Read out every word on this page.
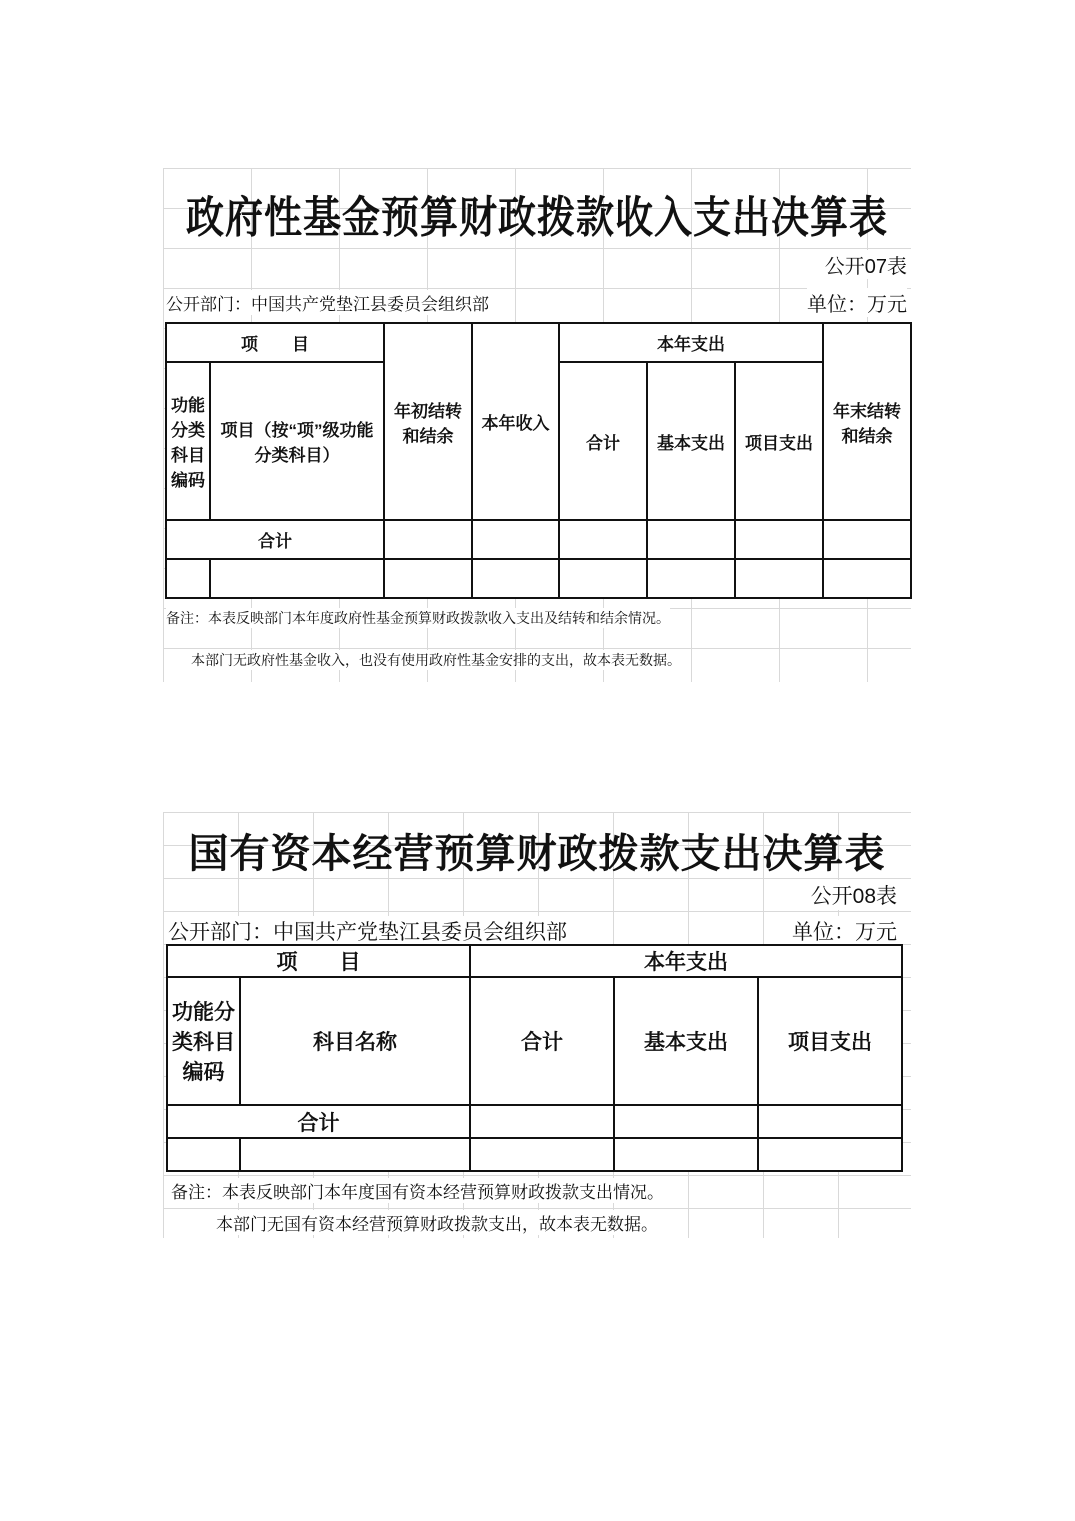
政府性基金预算财政拨款收入支出决算表
公开07表
公开部门：中国共产党垫江县委员会组织部	单位：万元
项　　目		年初结转和结余	本年收入	本年支出			年末结转和结余
功能分类科目编码	项目（按“项”级功能分类科目）			合计	基本支出	项目支出	
合计							

备注：本表反映部门本年度政府性基金预算财政拨款收入支出及结转和结余情况。
本部门无政府性基金收入，也没有使用政府性基金安排的支出，故本表无数据。
国有资本经营预算财政拨款支出决算表
公开08表
公开部门：中国共产党垫江县委员会组织部	单位：万元
项　　目		本年支出		
功能分类科目编码	科目名称	合计	基本支出	项目支出
合计				

备注：本表反映部门本年度国有资本经营预算财政拨款支出情况。
本部门无国有资本经营预算财政拨款支出，故本表无数据。
